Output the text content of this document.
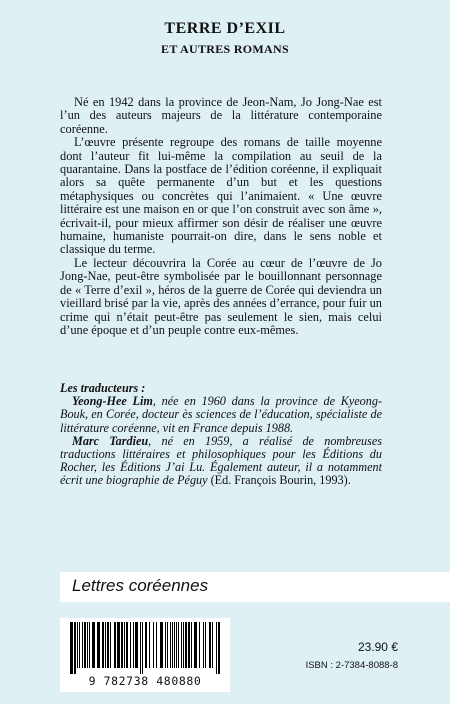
TERRE D’EXIL
ET AUTRES ROMANS

Né en 1942 dans la province de Jeon-Nam, Jo Jong-Nae est l’un des auteurs majeurs de la littérature contemporaine coréenne.

L’œuvre présente regroupe des romans de taille moyenne dont l’auteur fit lui-même la compilation au seuil de la quarantaine. Dans la postface de l’édition coréenne, il expliquait alors sa quête permanente d’un but et les questions métaphysiques ou concrètes qui l’animaient. « Une œuvre littéraire est une maison en or que l’on construit avec son âme », écrivait-il, pour mieux affirmer son désir de réaliser une œuvre humaine, humaniste pourrait-on dire, dans le sens noble et classique du terme.

Le lecteur découvrira la Corée au cœur de l’œuvre de Jo Jong-Nae, peut-être symbolisée par le bouillonnant personnage de « Terre d’exil », héros de la guerre de Corée qui deviendra un vieillard brisé par la vie, après des années d’errance, pour fuir un crime qui n’était peut-être pas seulement le sien, mais celui d’une époque et d’un peuple contre eux-mêmes.

Les traducteurs :

Yeong-Hee Lim, née en 1960 dans la province de Kyeong-Bouk, en Corée, docteur ès sciences de l’éducation, spécialiste de littérature coréenne, vit en France depuis 1988.

Marc Tardieu, né en 1959, a réalisé de nombreuses traductions littéraires et philosophiques pour les Éditions du Rocher, les Éditions J’ai Lu. Également auteur, il a notamment écrit une biographie de Péguy (Ed. François Bourin, 1993).

Lettres coréennes
9 782738 480880
23.90 €
ISBN : 2-7384-8088-8
